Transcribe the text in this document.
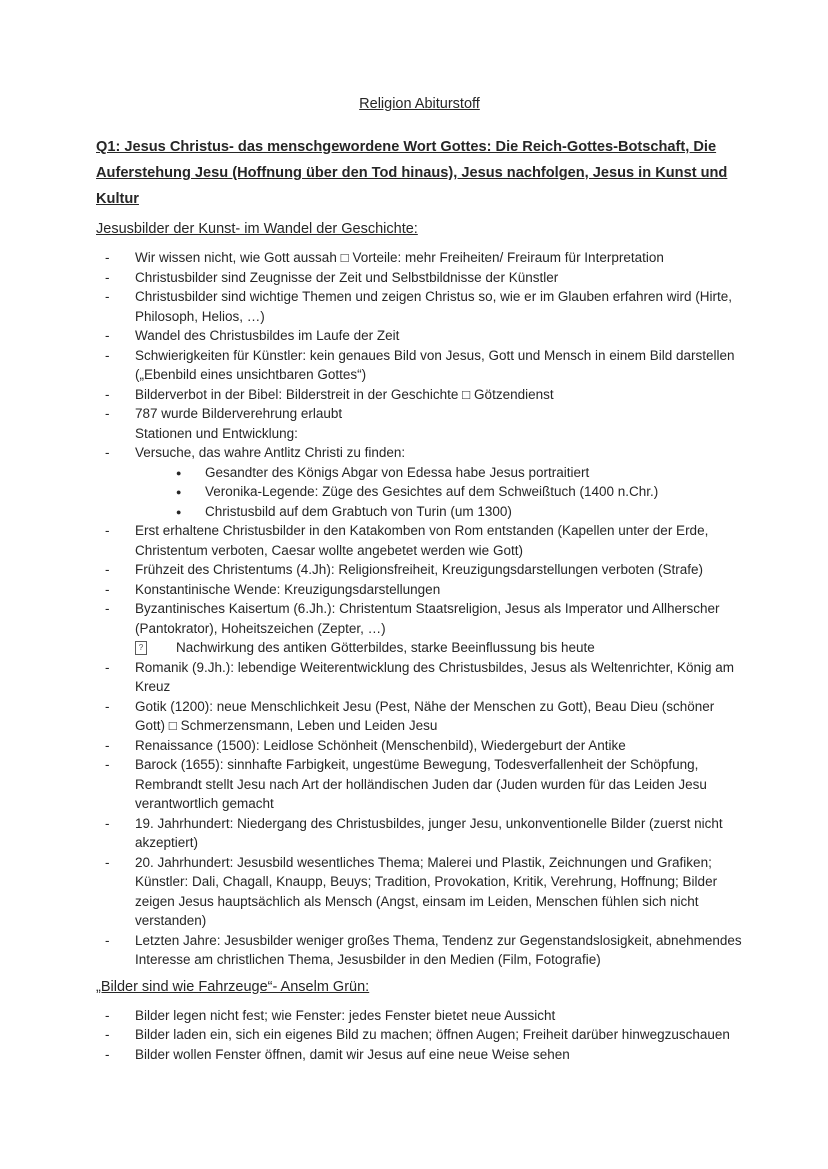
Religion Abiturstoff
Q1: Jesus Christus- das menschgewordene Wort Gottes: Die Reich-Gottes-Botschaft, Die Auferstehung Jesu (Hoffnung über den Tod hinaus), Jesus nachfolgen, Jesus in Kunst und Kultur
Jesusbilder der Kunst- im Wandel der Geschichte:
- Wir wissen nicht, wie Gott aussah □ Vorteile: mehr Freiheiten/ Freiraum für Interpretation
- Christusbilder sind Zeugnisse der Zeit und Selbstbildnisse der Künstler
- Christusbilder sind wichtige Themen und zeigen Christus so, wie er im Glauben erfahren wird (Hirte, Philosoph, Helios, …)
- Wandel des Christusbildes im Laufe der Zeit
- Schwierigkeiten für Künstler: kein genaues Bild von Jesus, Gott und Mensch in einem Bild darstellen („Ebenbild eines unsichtbaren Gottes“)
- Bilderverbot in der Bibel: Bilderstreit in der Geschichte □ Götzendienst
- 787 wurde Bilderverehrung erlaubt
Stationen und Entwicklung:
- Versuche, das wahre Antlitz Christi zu finden:
● Gesandter des Königs Abgar von Edessa habe Jesus portraitiert
● Veronika-Legende: Züge des Gesichtes auf dem Schweißtuch (1400 n.Chr.)
● Christusbild auf dem Grabtuch von Turin (um 1300)
- Erst erhaltene Christusbilder in den Katakomben von Rom entstanden (Kapellen unter der Erde, Christentum verboten, Caesar wollte angebetet werden wie Gott)
- Frühzeit des Christentums (4.Jh): Religionsfreiheit, Kreuzigungsdarstellungen verboten (Strafe)
- Konstantinische Wende: Kreuzigungsdarstellungen
- Byzantinisches Kaisertum (6.Jh.): Christentum Staatsreligion, Jesus als Imperator und Allherscher (Pantokrator), Hoheitszeichen (Zepter, …)
? Nachwirkung des antiken Götterbildes, starke Beeinflussung bis heute
- Romanik (9.Jh.): lebendige Weiterentwicklung des Christusbildes, Jesus als Weltenrichter, König am Kreuz
- Gotik (1200): neue Menschlichkeit Jesu (Pest, Nähe der Menschen zu Gott), Beau Dieu (schöner Gott) □ Schmerzensmann, Leben und Leiden Jesu
- Renaissance (1500): Leidlose Schönheit (Menschenbild), Wiedergeburt der Antike
- Barock (1655): sinnhafte Farbigkeit, ungestüme Bewegung, Todesverfallenheit der Schöpfung, Rembrandt stellt Jesu nach Art der holländischen Juden dar (Juden wurden für das Leiden Jesu verantwortlich gemacht
- 19. Jahrhundert: Niedergang des Christusbildes, junger Jesu, unkonventionelle Bilder (zuerst nicht akzeptiert)
- 20. Jahrhundert: Jesusbild wesentliches Thema; Malerei und Plastik, Zeichnungen und Grafiken; Künstler: Dali, Chagall, Knaupp, Beuys; Tradition, Provokation, Kritik, Verehrung, Hoffnung; Bilder zeigen Jesus hauptsächlich als Mensch (Angst, einsam im Leiden, Menschen fühlen sich nicht verstanden)
- Letzten Jahre: Jesusbilder weniger großes Thema, Tendenz zur Gegenstandslosigkeit, abnehmendes Interesse am christlichen Thema, Jesusbilder in den Medien (Film, Fotografie)
„Bilder sind wie Fahrzeuge“- Anselm Grün:
- Bilder legen nicht fest; wie Fenster: jedes Fenster bietet neue Aussicht
- Bilder laden ein, sich ein eigenes Bild zu machen; öffnen Augen; Freiheit darüber hinwegzuschauen
- Bilder wollen Fenster öffnen, damit wir Jesus auf eine neue Weise sehen
